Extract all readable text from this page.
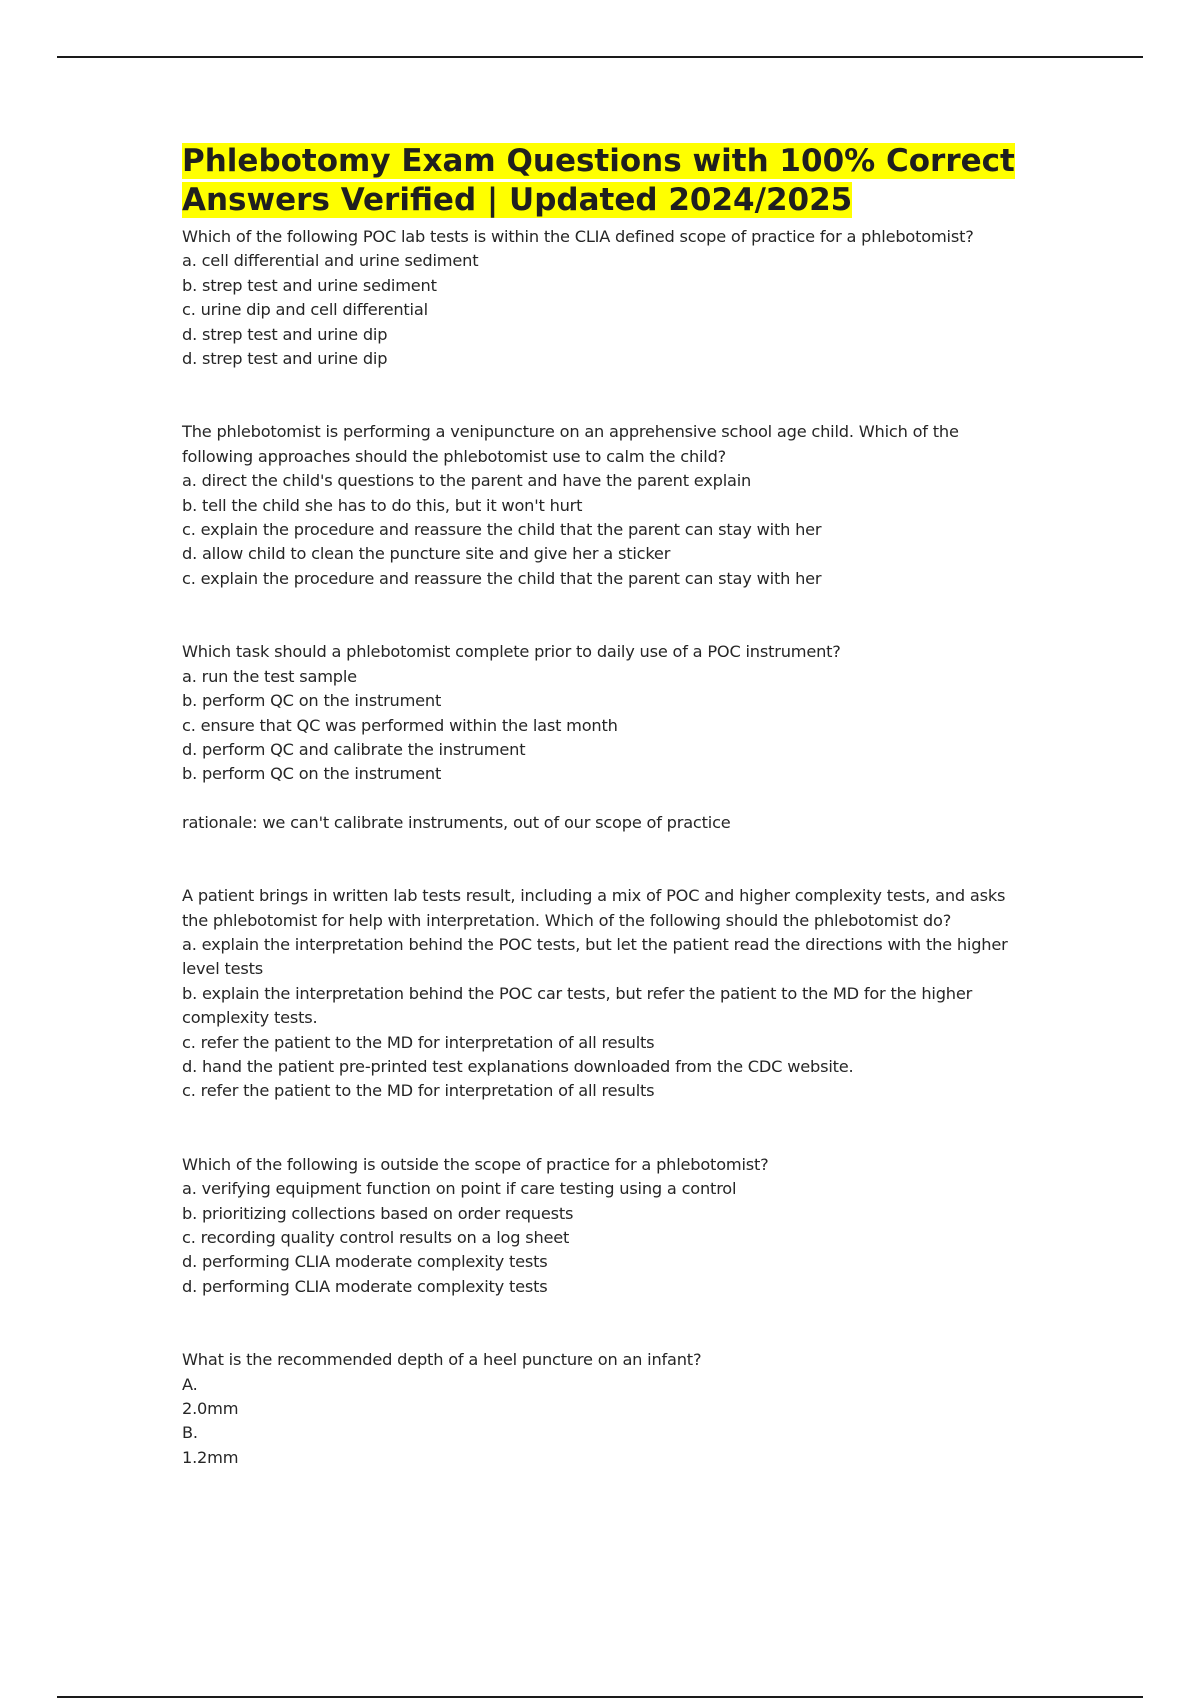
Phlebotomy Exam Questions with 100% Correct Answers Verified | Updated 2024/2025
Which of the following POC lab tests is within the CLIA defined scope of practice for a phlebotomist?
a. cell differential and urine sediment
b. strep test and urine sediment
c. urine dip and cell differential
d. strep test and urine dip
d. strep test and urine dip
The phlebotomist is performing a venipuncture on an apprehensive school age child. Which of the following approaches should the phlebotomist use to calm the child?
a. direct the child's questions to the parent and have the parent explain
b. tell the child she has to do this, but it won't hurt
c. explain the procedure and reassure the child that the parent can stay with her
d. allow child to clean the puncture site and give her a sticker
c. explain the procedure and reassure the child that the parent can stay with her
Which task should a phlebotomist complete prior to daily use of a POC instrument?
a. run the test sample
b. perform QC on the instrument
c. ensure that QC was performed within the last month
d. perform QC and calibrate the instrument
b. perform QC on the instrument
rationale: we can't calibrate instruments, out of our scope of practice
A patient brings in written lab tests result, including a mix of POC and higher complexity tests, and asks the phlebotomist for help with interpretation. Which of the following should the phlebotomist do?
a. explain the interpretation behind the POC tests, but let the patient read the directions with the higher level tests
b. explain the interpretation behind the POC car tests, but refer the patient to the MD for the higher complexity tests.
c. refer the patient to the MD for interpretation of all results
d. hand the patient pre-printed test explanations downloaded from the CDC website.
c. refer the patient to the MD for interpretation of all results
Which of the following is outside the scope of practice for a phlebotomist?
a. verifying equipment function on point if care testing using a control
b. prioritizing collections based on order requests
c. recording quality control results on a log sheet
d. performing CLIA moderate complexity tests
d. performing CLIA moderate complexity tests
What is the recommended depth of a heel puncture on an infant?
A.
2.0mm
B.
1.2mm
